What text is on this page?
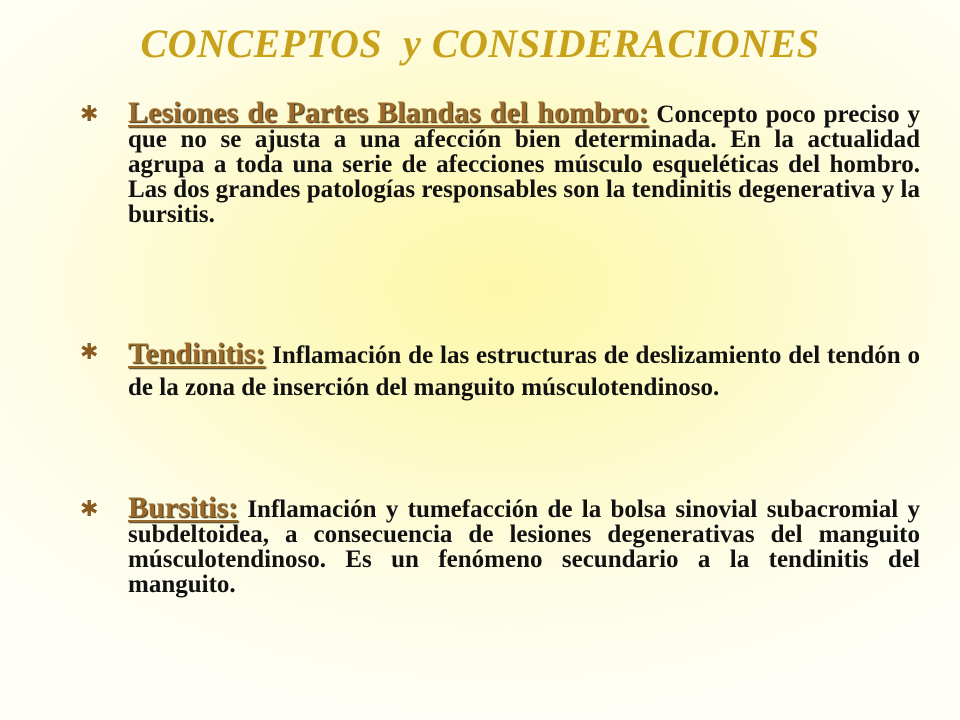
CONCEPTOS y CONSIDERACIONES
✱ Lesiones de Partes Blandas del hombro: Concepto poco preciso y que no se ajusta a una afección bien determinada. En la actualidad agrupa a toda una serie de afecciones músculo esqueléticas del hombro. Las dos grandes patologías responsables son la tendinitis degenerativa y la bursitis.
✱ Tendinitis: Inflamación de las estructuras de deslizamiento del tendón o de la zona de inserción del manguito músculotendinoso.
✱ Bursitis: Inflamación y tumefacción de la bolsa sinovial subacromial y subdeltoidea, a consecuencia de lesiones degenerativas del manguito músculotendinoso. Es un fenómeno secundario a la tendinitis del manguito.
